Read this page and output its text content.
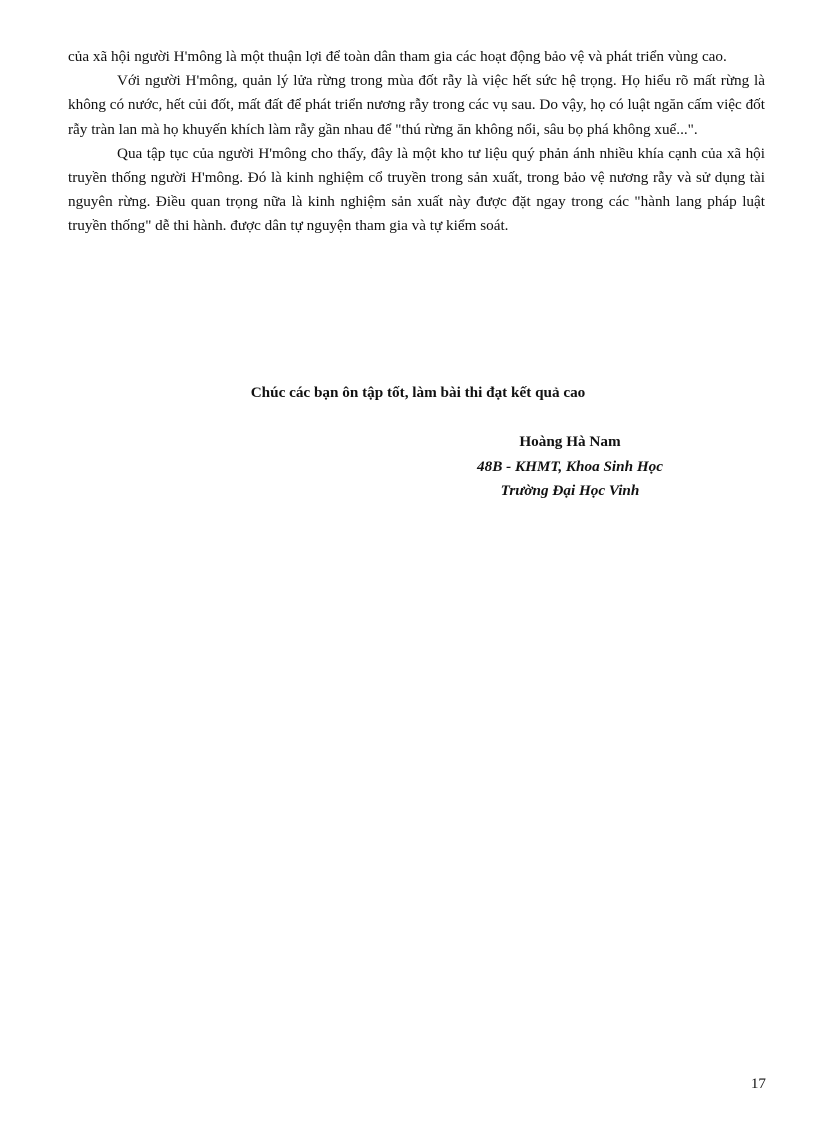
của xã hội người H'mông là một thuận lợi để toàn dân tham gia các hoạt động bảo vệ và phát triển vùng cao.

Với người H'mông, quản lý lửa rừng trong mùa đốt rẫy là việc hết sức hệ trọng. Họ hiểu rõ mất rừng là không có nước, hết củi đốt, mất đất để phát triển nương rẫy trong các vụ sau. Do vậy, họ có luật ngăn cấm việc đốt rẫy tràn lan mà họ khuyến khích làm rẫy gần nhau để "thú rừng ăn không nổi, sâu bọ phá không xuể...".

Qua tập tục của người H'mông cho thấy, đây là một kho tư liệu quý phản ánh nhiều khía cạnh của xã hội truyền thống người H'mông. Đó là kinh nghiệm cổ truyền trong sản xuất, trong bảo vệ nương rẫy và sử dụng tài nguyên rừng. Điều quan trọng nữa là kinh nghiệm sản xuất này được đặt ngay trong các "hành lang pháp luật truyền thống" dễ thi hành. được dân tự nguyện tham gia và tự kiểm soát.

Chúc các bạn ôn tập tốt, làm bài thi đạt kết quả cao
Hoàng Hà Nam
48B - KHMT, Khoa Sinh Học
Trường Đại Học Vinh
17
